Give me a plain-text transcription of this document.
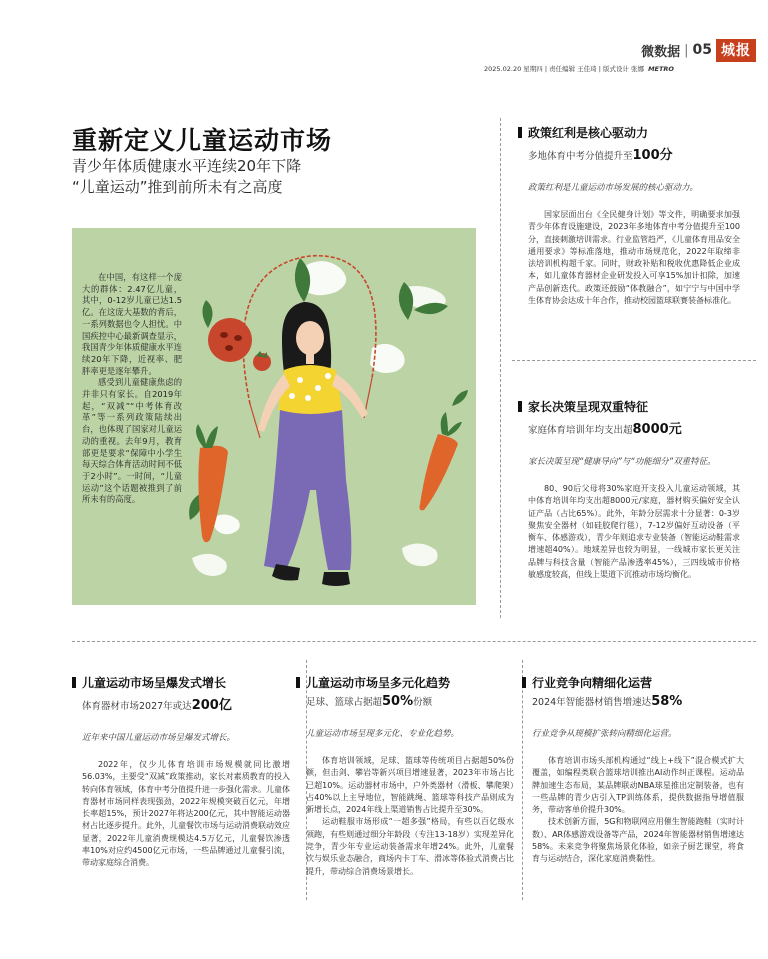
微数据 | 05 城报
2025.02.20 星期四 | 责任编辑 王佳琦 | 版式设计 张娜 METRO
重新定义儿童运动市场
青少年体质健康水平连续20年下降
“儿童运动”推到前所未有之高度

在中国，有这样一个庞大的群体：2.47亿儿童，其中，0-12岁儿童已达1.5亿。在这庞大基数的背后，一系列数据也令人担忧。中国疾控中心最新调查显示，我国青少年体质健康水平连续20年下降，近视率、肥胖率更是逐年攀升。

感受到儿童健康焦虑的并非只有家长。自2019年起，“双减”“中考体育改革”等一系列政策陆续出台，也体现了国家对儿童运动的重视。去年9月，教育部更是要求“保障中小学生每天综合体育活动时间不低于2小时”。一时间，“儿童运动”这个话题被推到了前所未有的高度。

政策红利是核心驱动力
多地体育中考分值提升至100分
政策红利是儿童运动市场发展的核心驱动力。

国家层面出台《全民健身计划》等文件，明确要求加强青少年体育设施建设，2023年多地体育中考分值提升至100分，直接刺激培训需求。行业监管趋严，《儿童体育用品安全通用要求》等标准落地，推动市场规范化，2022年取缔非法培训机构超千家。同时，财政补贴和税收优惠降低企业成本，如儿童体育器材企业研发投入可享15%加计扣除，加速产品创新迭代。政策还鼓励“体教融合”，如宁宁与中国中学生体育协会达成十年合作，推动校园篮球联赛装备标准化。

家长决策呈现双重特征
家庭体育培训年均支出超8000元
家长决策呈现“健康导向”与“功能细分”双重特征。

80、90后父母将30%家庭开支投入儿童运动领域，其中体育培训年均支出超8000元/家庭，器材购买偏好安全认证产品（占比65%）。此外，年龄分层需求十分显著：0-3岁聚焦安全器材（如硅胶爬行毯），7-12岁偏好互动设备（平衡车、体感游戏），青少年则追求专业装备（智能运动鞋需求增速超40%）。地域差异也较为明显，一线城市家长更关注品牌与科技含量（智能产品渗透率45%），三四线城市价格敏感度较高，但线上渠道下沉推动市场均衡化。

儿童运动市场呈爆发式增长
体育器材市场2027年或达200亿
近年来中国儿童运动市场呈爆发式增长。

2022年，仅少儿体育培训市场规模就同比激增56.03%，主要受“双减”政策推动，家长对素质教育的投入转向体育领域，体育中考分值提升进一步强化需求。儿童体育器材市场同样表现强劲，2022年规模突破百亿元，年增长率超15%，预计2027年将达200亿元，其中智能运动器材占比逐步提升。此外，儿童餐饮市场与运动消费联动效应显著，2022年儿童消费规模达4.5万亿元，儿童餐饮渗透率10%对应约4500亿元市场，一些品牌通过儿童餐引流，带动家庭综合消费。

儿童运动市场呈多元化趋势
足球、篮球占据超50%份额
儿童运动市场呈现多元化、专业化趋势。

体育培训领域，足球、篮球等传统项目占据超50%份额，但击剑、攀岩等新兴项目增速显著，2023年市场占比已超10%。运动器材市场中，户外类器材（滑板、攀爬架）占40%以上主导地位，智能跳绳、篮球等科技产品则成为新增长点，2024年线上渠道销售占比提升至30%。

运动鞋服市场形成“一超多强”格局，有些以百亿级水领跑，有些则通过细分年龄段（专注13-18岁）实现差异化竞争，青少年专业运动装备需求年增24%。此外，儿童餐饮与娱乐业态融合，商场内卡丁车、滑冰等体验式消费占比提升，带动综合消费场景增长。

行业竞争向精细化运营
2024年智能器材销售增速达58%
行业竞争从规模扩张转向精细化运营。

体育培训市场头部机构通过“线上+线下”混合模式扩大覆盖，如编程类联合篮球培训推出AI动作纠正课程。运动品牌加速生态布局，某品牌联动NBA球星推出定制装备，也有一些品牌的青少店引入TP训练体系，提供数据指导增值服务，带动客单价提升30%。

技术创新方面，5G和物联网应用催生智能跑鞋（实时计数）、AR体感游戏设备等产品，2024年智能器材销售增速达58%。未来竞争将聚焦场景化体验，如亲子厨艺课堂，将食育与运动结合，深化家庭消费黏性。
